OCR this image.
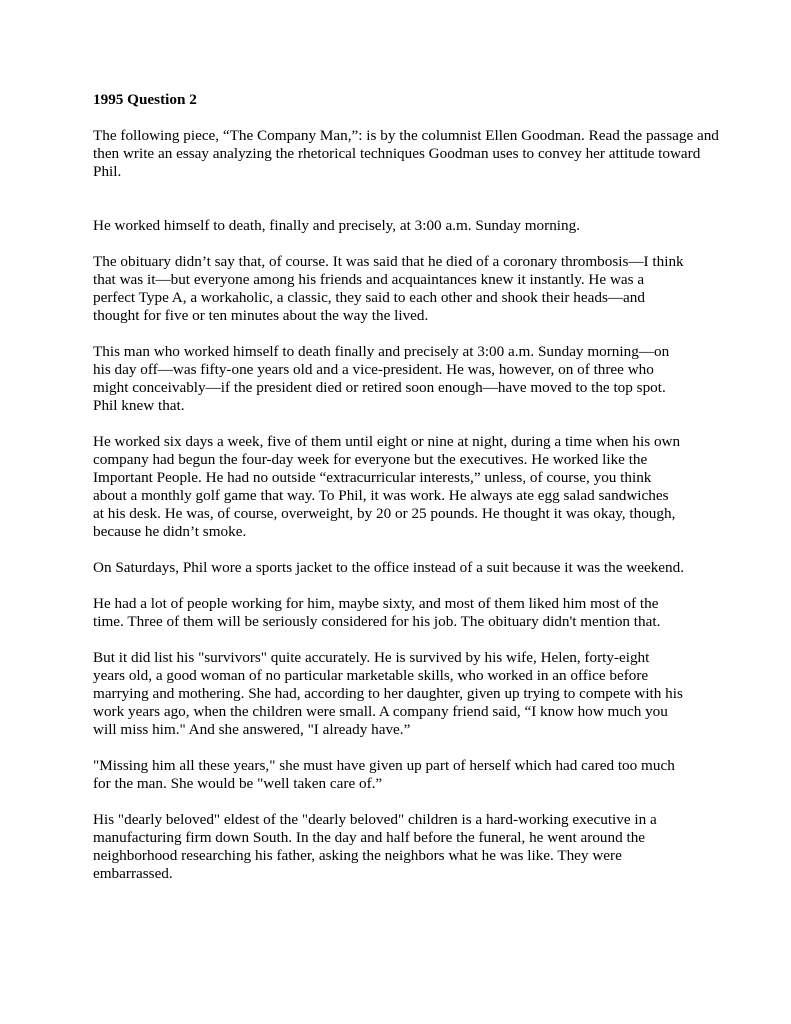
1995 Question 2

The following piece, “The Company Man,”: is by the columnist Ellen Goodman. Read the passage and
then write an essay analyzing the rhetorical techniques Goodman uses to convey her attitude toward
Phil.

He worked himself to death, finally and precisely, at 3:00 a.m. Sunday morning.

The obituary didn’t say that, of course. It was said that he died of a coronary thrombosis—I think
that was it—but everyone among his friends and acquaintances knew it instantly. He was a
perfect Type A, a workaholic, a classic, they said to each other and shook their heads—and
thought for five or ten minutes about the way the lived.

This man who worked himself to death finally and precisely at 3:00 a.m. Sunday morning—on
his day off—was fifty-one years old and a vice-president. He was, however, on of three who
might conceivably—if the president died or retired soon enough—have moved to the top spot.
Phil knew that.

He worked six days a week, five of them until eight or nine at night, during a time when his own
company had begun the four-day week for everyone but the executives. He worked like the
Important People. He had no outside “extracurricular interests,” unless, of course, you think
about a monthly golf game that way. To Phil, it was work. He always ate egg salad sandwiches
at his desk. He was, of course, overweight, by 20 or 25 pounds. He thought it was okay, though,
because he didn’t smoke.

On Saturdays, Phil wore a sports jacket to the office instead of a suit because it was the weekend.

He had a lot of people working for him, maybe sixty, and most of them liked him most of the
time. Three of them will be seriously considered for his job. The obituary didn't mention that.

But it did list his "survivors" quite accurately. He is survived by his wife, Helen, forty-eight
years old, a good woman of no particular marketable skills, who worked in an office before
marrying and mothering. She had, according to her daughter, given up trying to compete with his
work years ago, when the children were small. A company friend said, “I know how much you
will miss him." And she answered, "I already have.”

"Missing him all these years," she must have given up part of herself which had cared too much
for the man. She would be "well taken care of.”

His "dearly beloved" eldest of the "dearly beloved" children is a hard-working executive in a
manufacturing firm down South. In the day and half before the funeral, he went around the
neighborhood researching his father, asking the neighbors what he was like. They were
embarrassed.
